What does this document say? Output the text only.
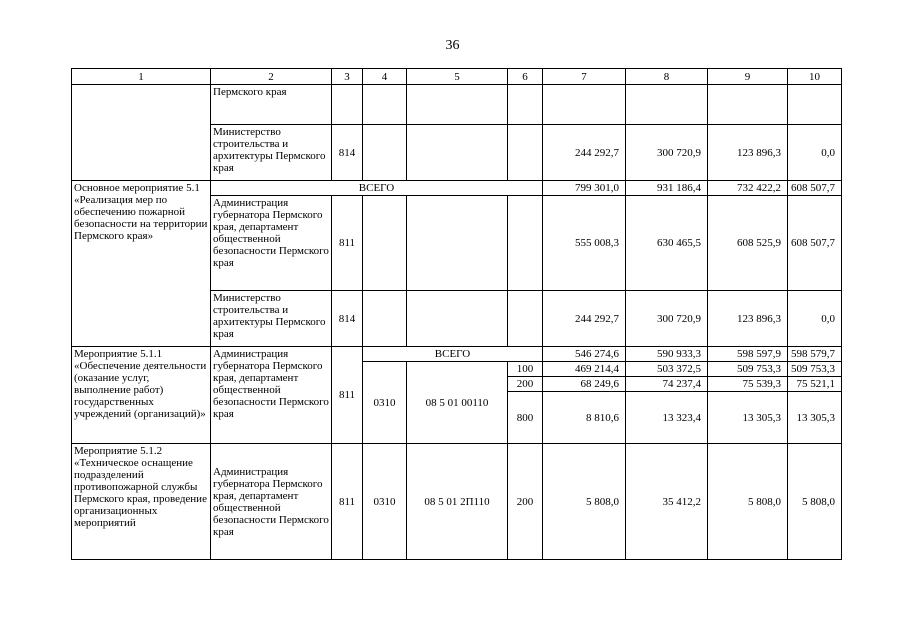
36
1	2	3	4	5	6	7	8	9	10
	Пермского края								
	Министерство строительства и архитектуры Пермского края	814				244 292,7	300 720,9	123 896,3	0,0
Основное мероприятие 5.1 «Реализация мер по обеспечению пожарной безопасности на территории Пермского края»	ВСЕГО					799 301,0	931 186,4	732 422,2	608 507,7
	Администрация губернатора Пермского края, департамент общественной безопасности Пермского края	811				555 008,3	630 465,5	608 525,9	608 507,7
	Министерство строительства и архитектуры Пермского края	814				244 292,7	300 720,9	123 896,3	0,0
Мероприятие 5.1.1 «Обеспечение деятельности (оказание услуг, выполнение работ) государственных учреждений (организаций)»	Администрация губернатора Пермского края, департамент общественной безопасности Пермского края	811	ВСЕГО			546 274,6	590 933,3	598 597,9	598 579,7
			0310	08 5 01 00110	100	469 214,4	503 372,5	509 753,3	509 753,3
					200	68 249,6	74 237,4	75 539,3	75 521,1
					800	8 810,6	13 323,4	13 305,3	13 305,3
Мероприятие 5.1.2 «Техническое оснащение подразделений противопожарной службы Пермского края, проведение организационных мероприятий	Администрация губернатора Пермского края, департамент общественной безопасности Пермского края	811	0310	08 5 01 2П110	200	5 808,0	35 412,2	5 808,0	5 808,0
